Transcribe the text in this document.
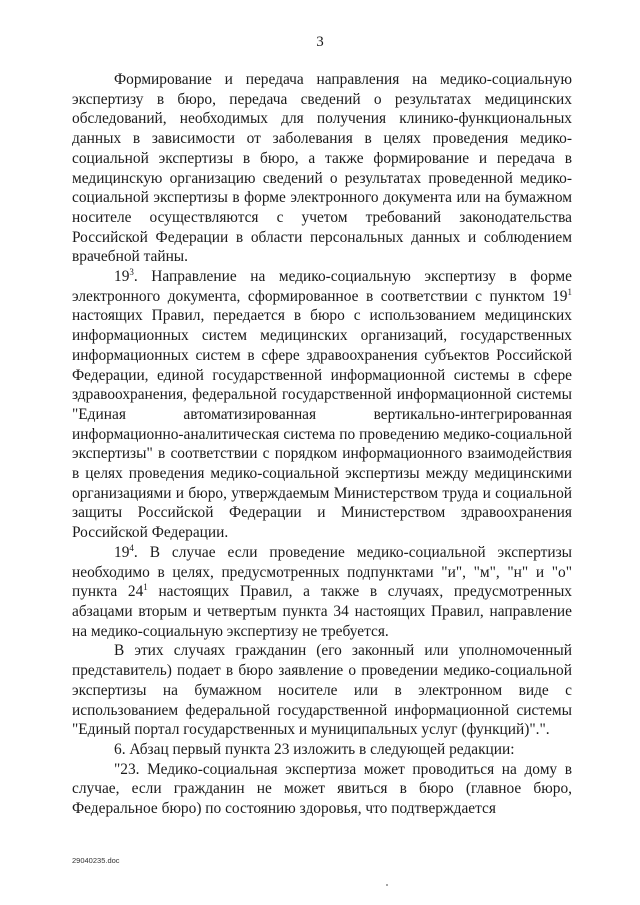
3

Формирование и передача направления на медико-социальную экспертизу в бюро, передача сведений о результатах медицинских обследований, необходимых для получения клинико-функциональных данных в зависимости от заболевания в целях проведения медико-социальной экспертизы в бюро, а также формирование и передача в медицинскую организацию сведений о результатах проведенной медико-социальной экспертизы в форме электронного документа или на бумажном носителе осуществляются с учетом требований законодательства Российской Федерации в области персональных данных и соблюдением врачебной тайны.

$19^3$. Направление на медико-социальную экспертизу в форме электронного документа, сформированное в соответствии с пунктом $19^1$ настоящих Правил, передается в бюро с использованием медицинских информационных систем медицинских организаций, государственных информационных систем в сфере здравоохранения субъектов Российской Федерации, единой государственной информационной системы в сфере здравоохранения, федеральной государственной информационной системы "Единая автоматизированная вертикально-интегрированная информационно-аналитическая система по проведению медико-социальной экспертизы" в соответствии с порядком информационного взаимодействия в целях проведения медико-социальной экспертизы между медицинскими организациями и бюро, утверждаемым Министерством труда и социальной защиты Российской Федерации и Министерством здравоохранения Российской Федерации.

$19^4$. В случае если проведение медико-социальной экспертизы необходимо в целях, предусмотренных подпунктами "и", "м", "н" и "о" пункта $24^1$ настоящих Правил, а также в случаях, предусмотренных абзацами вторым и четвертым пункта 34 настоящих Правил, направление на медико-социальную экспертизу не требуется.

В этих случаях гражданин (его законный или уполномоченный представитель) подает в бюро заявление о проведении медико-социальной экспертизы на бумажном носителе или в электронном виде с использованием федеральной государственной информационной системы "Единый портал государственных и муниципальных услуг (функций)".".

6. Абзац первый пункта 23 изложить в следующей редакции:

"23. Медико-социальная экспертиза может проводиться на дому в случае, если гражданин не может явиться в бюро (главное бюро, Федеральное бюро) по состоянию здоровья, что подтверждается

29040235.doc
